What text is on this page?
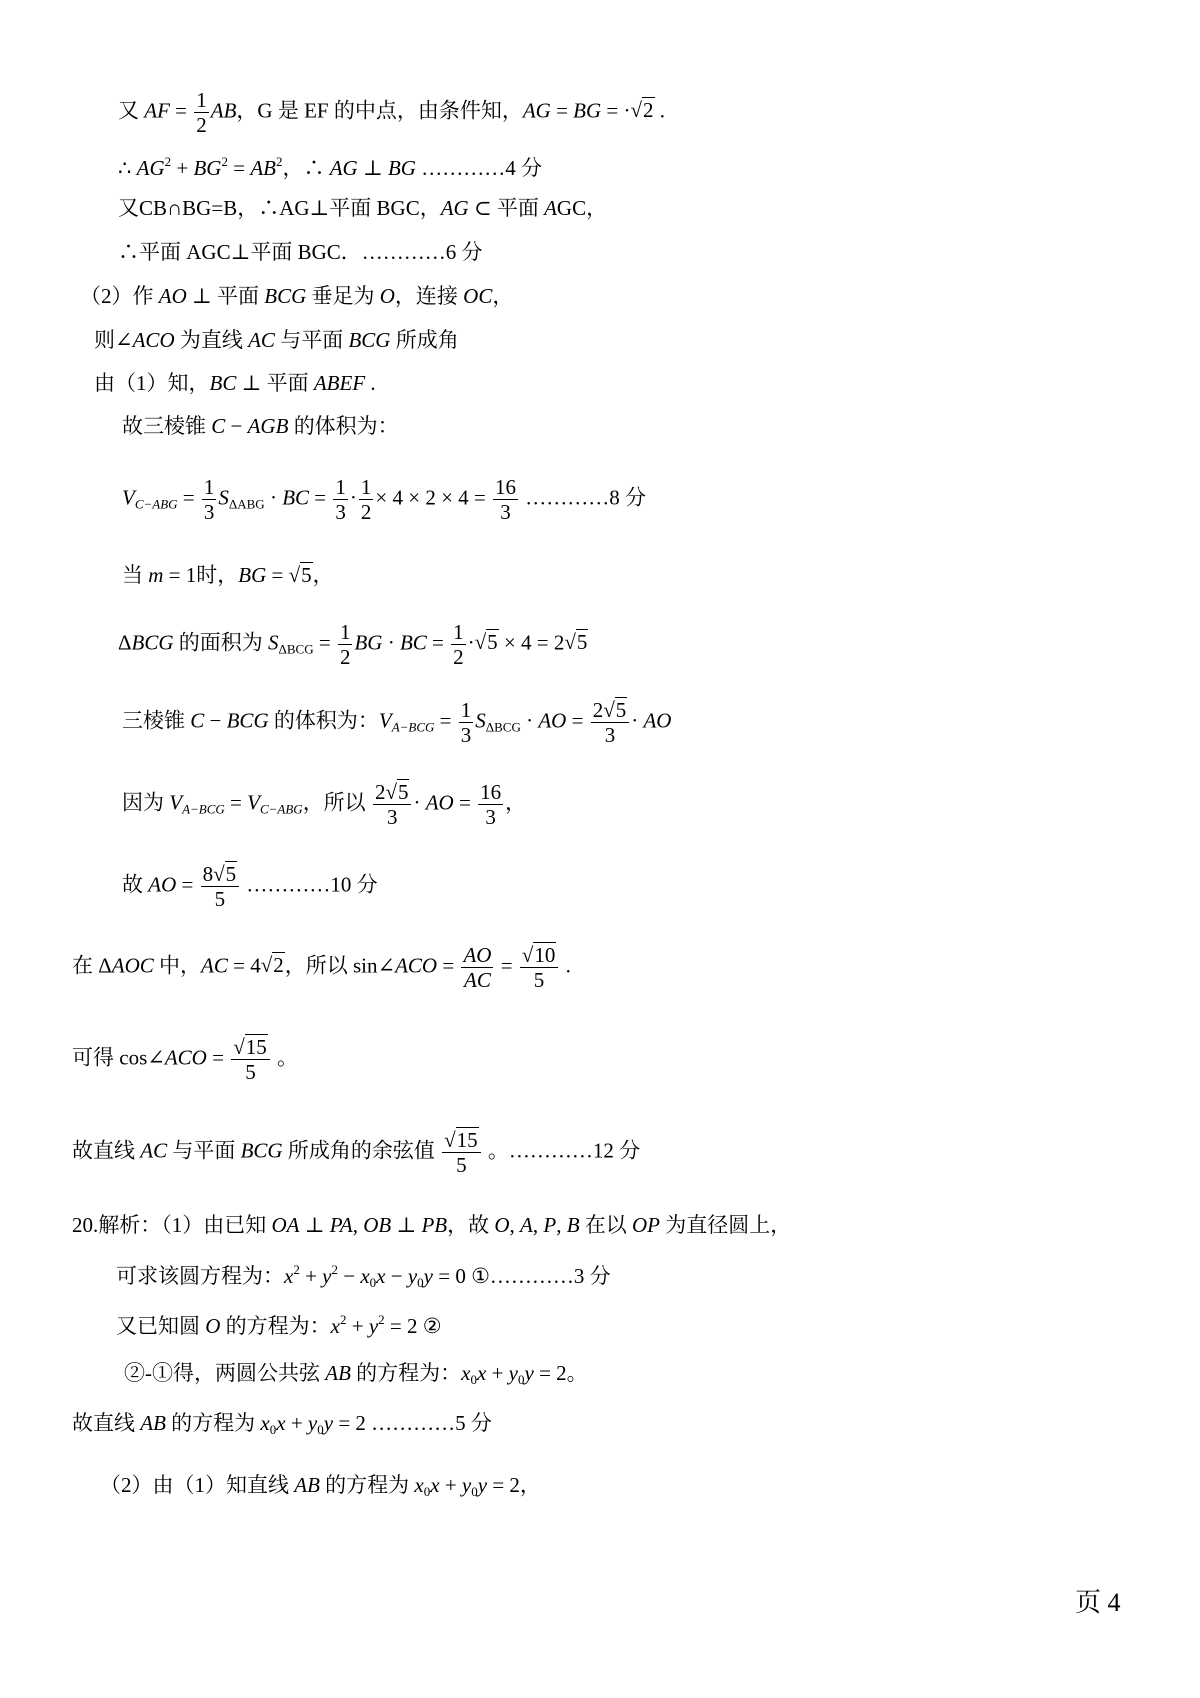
又 AF = $\frac{1}{2}$ AB，G 是 EF 的中点，由条件知，AG = BG = ·√2 .
∴ $AG^2 + BG^2 = AB^2$，∴ AG ⊥ BG …………4 分
又CB∩BG=B，∴AG⊥平面 BGC，AG ⊂ 平面 AGC，
∴平面 AGC⊥平面 BGC．…………6 分
（2）作 AO ⊥ 平面 BCG 垂足为 O，连接 OC，
则∠ACO 为直线 AC 与平面 BCG 所成角
由（1）知，BC ⊥ 平面 ABEF .
故三棱锥 C − AGB 的体积为：
$V_{C-ABG} = \frac{1}{3} S_{\Delta ABG}$ · BC = $\frac{1}{3} \cdot \frac{1}{2} \times 4 \times 2 \times 4 = \frac{16}{3}$ …………8 分
当 m = 1时，BG = √5，
ΔBCG 的面积为 $S_{\Delta BCG} = \frac{1}{2}$ BG · BC = $\frac{1}{2} \cdot√5 \times 4 = 2√5$
三棱锥 C − BCG 的体积为：$V_{A-BCG} = \frac{1}{3} S_{\Delta BCG}$ · AO = $\frac{2√5}{3}$ · AO
因为 $V_{A-BCG} = V_{C-ABG}$，所以 $\frac{2√5}{3}$ · AO = $\frac{16}{3}$ ，
故 AO = $\frac{8√5}{5}$ …………10 分
在 ΔAOC 中，AC = 4√2，所以 sin∠ACO = $\frac{AO}{AC} = \frac{√10}{5}$ .
可得 cos∠ACO = $\frac{√15}{5}$ 。
故直线 AC 与平面 BCG 所成角的余弦值 $\frac{√15}{5}$ 。…………12 分
20.解析：（1）由已知 OA ⊥ PA, OB ⊥ PB，故 O, A, P, B 在以 OP 为直径圆上，
可求该圆方程为：$x^2 + y^2 - x_0x - y_0y = 0$ ①…………3 分
又已知圆 O 的方程为：$x^2 + y^2 = 2$ ②
②-①得，两圆公共弦 AB 的方程为：$x_0x + y_0y = 2$。
故直线 AB 的方程为 $x_0x + y_0y = 2$ …………5 分
（2）由（1）知直线 AB 的方程为 $x_0x + y_0y = 2$，
页 4
